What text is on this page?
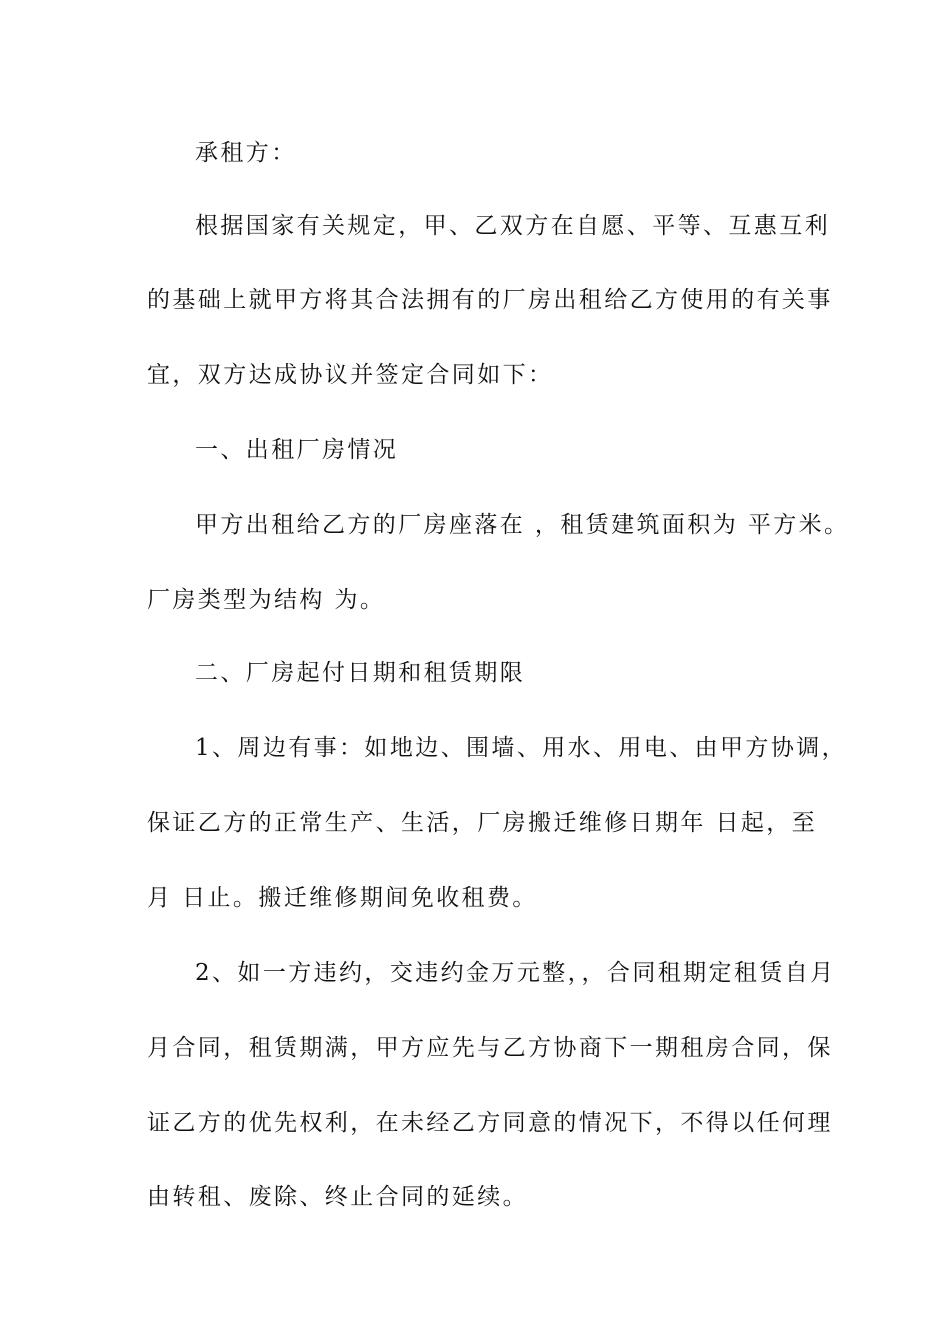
承租方：
根据国家有关规定，甲、乙双方在自愿、平等、互惠互利
的基础上就甲方将其合法拥有的厂房出租给乙方使用的有关事
宜，双方达成协议并签定合同如下：
一、出租厂房情况
甲方出租给乙方的厂房座落在 ，租赁建筑面积为 平方米。
厂房类型为结构 为。
二、厂房起付日期和租赁期限
1、周边有事：如地边、围墙、用水、用电、由甲方协调，
保证乙方的正常生产、生活，厂房搬迁维修日期年 日起，至
月 日止。搬迁维修期间免收租费。
2、如一方违约，交违约金万元整，，合同租期定租赁自月
月合同，租赁期满，甲方应先与乙方协商下一期租房合同，保
证乙方的优先权利，在未经乙方同意的情况下，不得以任何理
由转租、废除、终止合同的延续。
